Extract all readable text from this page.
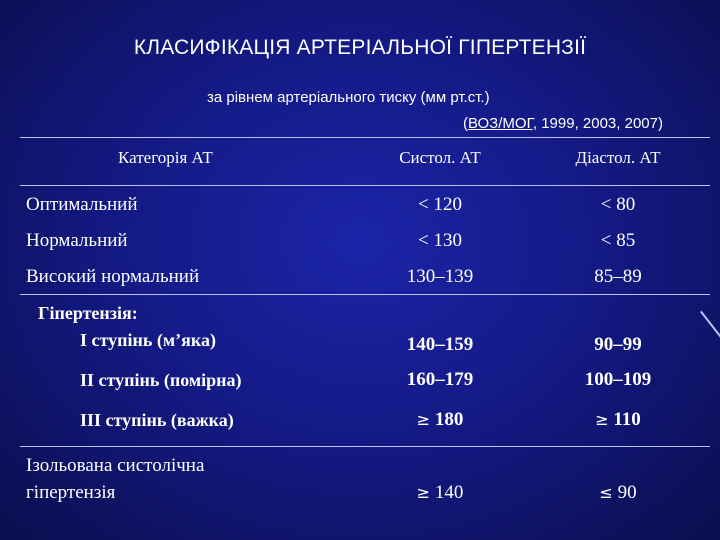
КЛАСИФІКАЦІЯ АРТЕРІАЛЬНОЇ ГІПЕРТЕНЗІЇ
за рівнем артеріального тиску (мм рт.ст.)
(ВОЗ/МОГ, 1999, 2003, 2007)
Категорія АТ	Систол. АТ	Діастол. АТ
Оптимальний	< 120	< 80
Нормальний	< 130	< 85
Високий нормальний	130–139	85–89
Гіпертензія:
І ступінь (м’яка)	140–159	90–99
ІІ ступінь (помірна)	160–179	100–109
ІІІ ступінь (важка)	≥ 180	≥ 110
Ізольована систолічна
гіпертензія	≥ 140	≤ 90
